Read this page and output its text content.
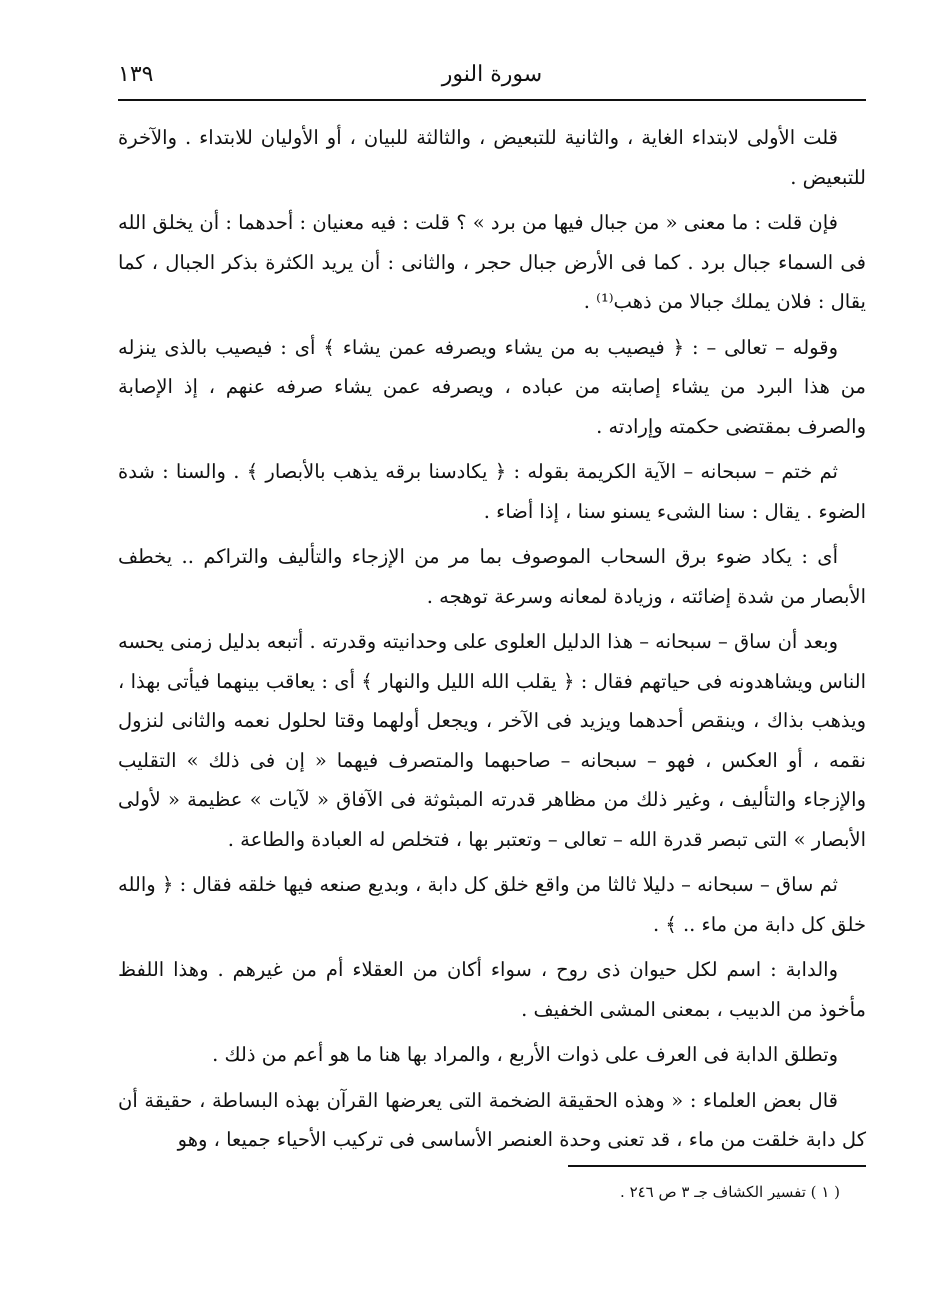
سورة النور
١٣٩

قلت الأولى لابتداء الغاية ، والثانية للتبعيض ، والثالثة للبيان ، أو الأوليان للابتداء . والآخرة للتبعيض .

فإن قلت : ما معنى « من جبال فيها من برد » ؟ قلت : فيه معنيان : أحدهما : أن يخلق الله فى السماء جبال برد . كما فى الأرض جبال حجر ، والثانى : أن يريد الكثرة بذكر الجبال ، كما يقال : فلان يملك جبالا من ذهب⁽¹⁾ .

وقوله – تعالى – : ﴿ فيصيب به من يشاء ويصرفه عمن يشاء ﴾ أى : فيصيب بالذى ينزله من هذا البرد من يشاء إصابته من عباده ، ويصرفه عمن يشاء صرفه عنهم ، إذ الإصابة والصرف بمقتضى حكمته وإرادته .

ثم ختم – سبحانه – الآية الكريمة بقوله : ﴿ يكادسنا برقه يذهب بالأبصار ﴾ . والسنا : شدة الضوء . يقال : سنا الشىء يسنو سنا ، إذا أضاء .

أى : يكاد ضوء برق السحاب الموصوف بما مر من الإزجاء والتأليف والتراكم .. يخطف الأبصار من شدة إضائته ، وزيادة لمعانه وسرعة توهجه .

وبعد أن ساق – سبحانه – هذا الدليل العلوى على وحدانيته وقدرته . أتبعه بدليل زمنى يحسه الناس ويشاهدونه فى حياتهم فقال : ﴿ يقلب الله الليل والنهار ﴾ أى : يعاقب بينهما فيأتى بهذا ، ويذهب بذاك ، وينقص أحدهما ويزيد فى الآخر ، ويجعل أولهما وقتا لحلول نعمه والثانى لنزول نقمه ، أو العكس ، فهو – سبحانه – صاحبهما والمتصرف فيهما « إن فى ذلك » التقليب والإزجاء والتأليف ، وغير ذلك من مظاهر قدرته المبثوثة فى الآفاق « لآيات » عظيمة « لأولى الأبصار » التى تبصر قدرة الله – تعالى – وتعتبر بها ، فتخلص له العبادة والطاعة .

ثم ساق – سبحانه – دليلا ثالثا من واقع خلق كل دابة ، وبديع صنعه فيها خلقه فقال : ﴿ والله خلق كل دابة من ماء .. ﴾ .

والدابة : اسم لكل حيوان ذى روح ، سواء أكان من العقلاء أم من غيرهم . وهذا اللفظ مأخوذ من الدبيب ، بمعنى المشى الخفيف .

وتطلق الدابة فى العرف على ذوات الأربع ، والمراد بها هنا ما هو أعم من ذلك .

قال بعض العلماء : « وهذه الحقيقة الضخمة التى يعرضها القرآن بهذه البساطة ، حقيقة أن كل دابة خلقت من ماء ، قد تعنى وحدة العنصر الأساسى فى تركيب الأحياء جميعا ، وهو

( ١ ) تفسير الكشاف جـ ٣ ص ٢٤٦ .
